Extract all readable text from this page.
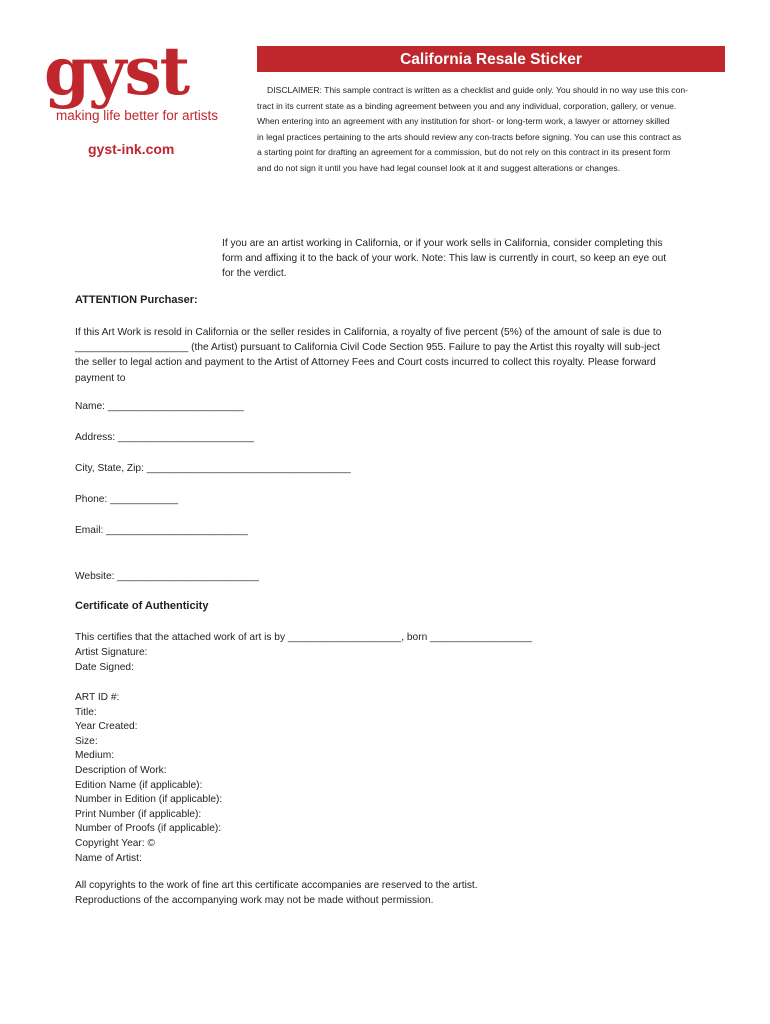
gyst
making life better for artists
gyst-ink.com
California Resale Sticker
DISCLAIMER: This sample contract is written as a checklist and guide only. You should in no way use this con-
tract in its current state as a binding agreement between you and any individual, corporation, gallery, or venue.
When entering into an agreement with any institution for short- or long-term work, a lawyer or attorney skilled
in legal practices pertaining to the arts should review any con-tracts before signing. You can use this contract as
a starting point for drafting an agreement for a commission, but do not rely on this contract in its present form
and do not sign it until you have had legal counsel look at it and suggest alterations or changes.
If you are an artist working in California, or if your work sells in California, consider completing this
form and affixing it to the back of your work. Note: This law is currently in court, so keep an eye out
for the verdict.
ATTENTION Purchaser:
If this Art Work is resold in California or the seller resides in California, a royalty of five percent (5%) of the amount of sale is due to
____________________ (the Artist) pursuant to California Civil Code Section 955. Failure to pay the Artist this royalty will sub-ject
the seller to legal action and payment to the Artist of Attorney Fees and Court costs incurred to collect this royalty. Please forward
payment to
Name: ________________________
Address: ________________________
City, State, Zip: ____________________________________
Phone: ____________
Email: _________________________
Website: _________________________
Certificate of Authenticity
This certifies that the attached work of art is by ____________________, born __________________
Artist Signature:
Date Signed:
ART ID #:
Title:
Year Created:
Size:
Medium:
Description of Work:
Edition Name (if applicable):
Number in Edition (if applicable):
Print Number (if applicable):
Number of Proofs (if applicable):
Copyright Year: ©
Name of Artist:
All copyrights to the work of fine art this certificate accompanies are reserved to the artist.
Reproductions of the accompanying work may not be made without permission.
